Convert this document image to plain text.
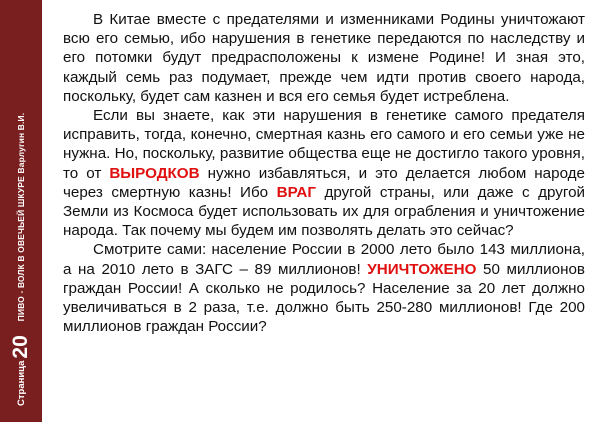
Страница
20
ПИВО - ВОЛК В ОВЕЧЬЕЙ ШКУРЕ Варлугин В.И.

В Китае вместе с предателями и изменниками Родины уничтожают всю его семью, ибо нарушения в генетике передаются по наследству и его потомки будут предрасположены к измене Родине! И зная это, каждый семь раз подумает, прежде чем идти против своего народа, поскольку, будет сам казнен и вся его семья будет истреблена.

Если вы знаете, как эти нарушения в генетике самого предателя исправить, тогда, конечно, смертная казнь его самого и его семьи уже не нужна. Но, поскольку, развитие общества еще не достигло такого уровня, то от ВЫРОДКОВ нужно избавляться, и это делается любом народе через смертную казнь! Ибо ВРАГ другой страны, или даже с другой Земли из Космоса будет использовать их для ограбления и уничтожение народа. Так почему мы будем им позволять делать это сейчас?

Смотрите сами: население России в 2000 лето было 143 миллиона, а на 2010 лето в ЗАГС – 89 миллионов! УНИЧТОЖЕНО 50 миллионов граждан России! А сколько не родилось? Население за 20 лет должно увеличиваться в 2 раза, т.е. должно быть 250-280 миллионов! Где 200 миллионов граждан России?
